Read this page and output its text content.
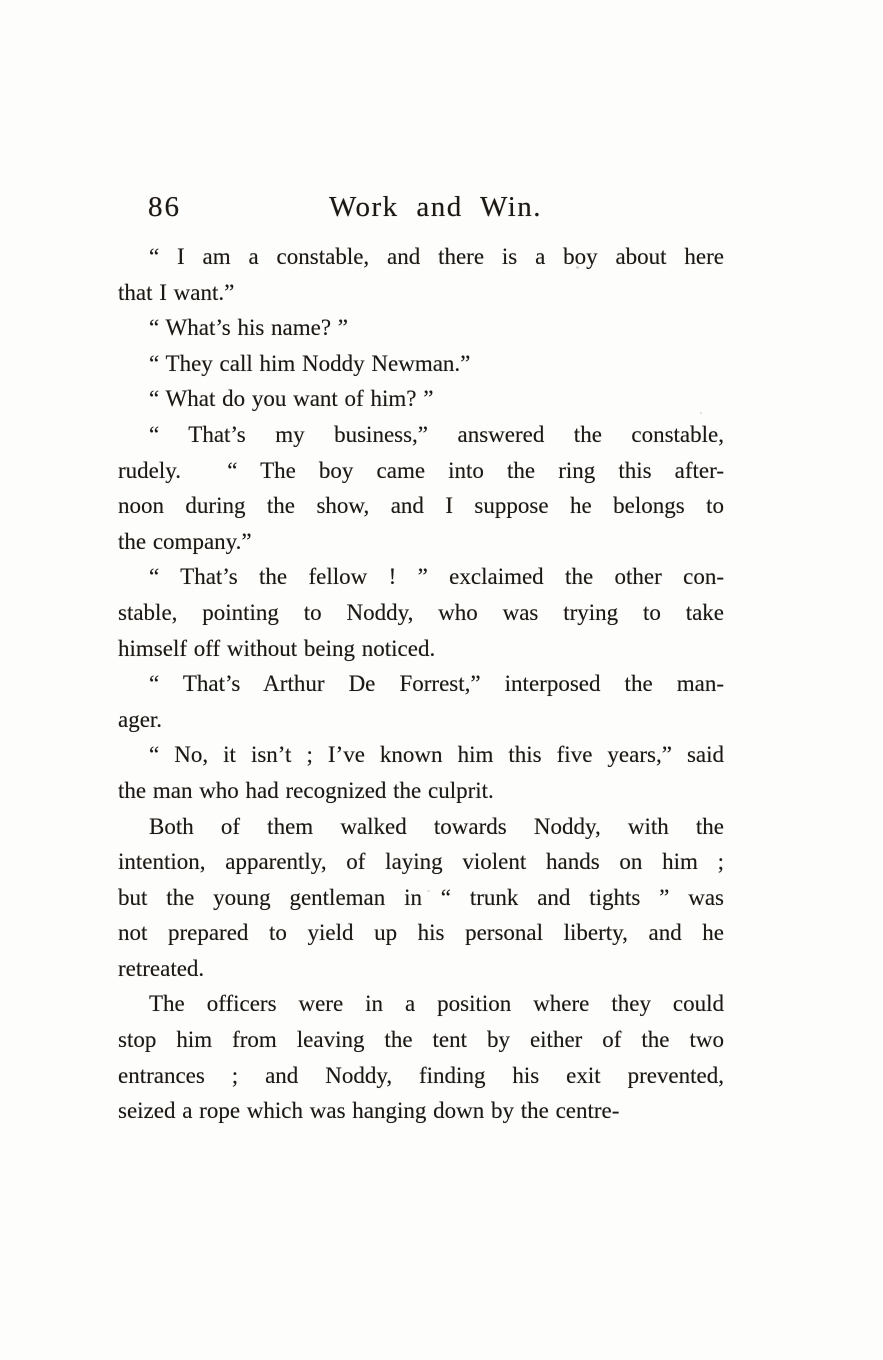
86	Work and Win.

“ I am a constable, and there is a boy about here
that I want.”

“ What’s his name? ”

“ They call him Noddy Newman.”

“ What do you want of him? ”

“ That’s my business,” answered the constable,
rudely.  “ The boy came into the ring this after-
noon during the show, and I suppose he belongs to
the company.”

“ That’s the fellow ! ” exclaimed the other con-
stable, pointing to Noddy, who was trying to take
himself off without being noticed.

“ That’s Arthur De Forrest,” interposed the man-
ager.

“ No, it isn’t ; I’ve known him this five years,” said
the man who had recognized the culprit.

Both of them walked towards Noddy, with the
intention, apparently, of laying violent hands on him ;
but the young gentleman in “ trunk and tights ” was
not prepared to yield up his personal liberty, and he
retreated.

The officers were in a position where they could
stop him from leaving the tent by either of the two
entrances ; and Noddy, finding his exit prevented,
seized a rope which was hanging down by the centre-
